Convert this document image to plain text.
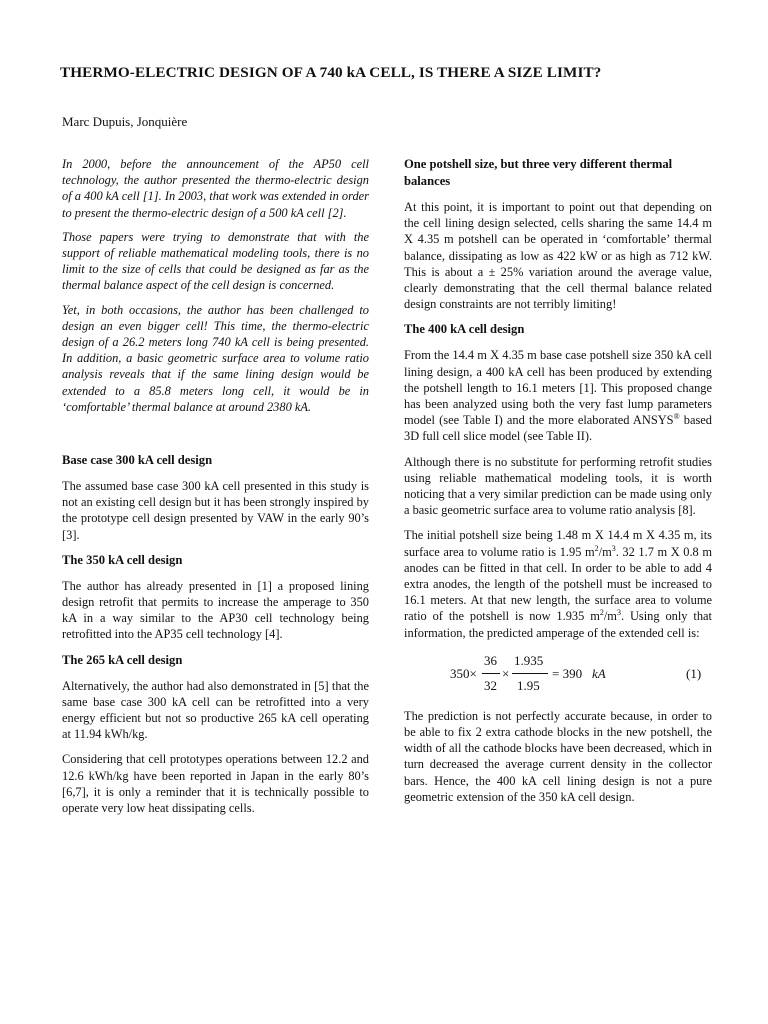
THERMO-ELECTRIC DESIGN OF A 740 kA CELL, IS THERE A SIZE LIMIT?

Marc Dupuis, Jonquière

In 2000, before the announcement of the AP50 cell technology, the author presented the thermo-electric design of a 400 kA cell [1]. In 2003, that work was extended in order to present the thermo-electric design of a 500 kA cell [2].

Those papers were trying to demonstrate that with the support of reliable mathematical modeling tools, there is no limit to the size of cells that could be designed as far as the thermal balance aspect of the cell design is concerned.

Yet, in both occasions, the author has been challenged to design an even bigger cell! This time, the thermo-electric design of a 26.2 meters long 740 kA cell is being presented. In addition, a basic geometric surface area to volume ratio analysis reveals that if the same lining design would be extended to a 85.8 meters long cell, it would be in ‘comfortable’ thermal balance at around 2380 kA.

Base case 300 kA cell design

The assumed base case 300 kA cell presented in this study is not an existing cell design but it has been strongly inspired by the prototype cell design presented by VAW in the early 90’s [3].

The 350 kA cell design

The author has already presented in [1] a proposed lining design retrofit that permits to increase the amperage to 350 kA in a way similar to the AP30 cell technology being retrofitted into the AP35 cell technology [4].

The 265 kA cell design

Alternatively, the author had also demonstrated in [5] that the same base case 300 kA cell can be retrofitted into a very energy efficient but not so productive 265 kA cell operating at 11.94 kWh/kg.

Considering that cell prototypes operations between 12.2 and 12.6 kWh/kg have been reported in Japan in the early 80’s [6,7], it is only a reminder that it is technically possible to operate very low heat dissipating cells.

One potshell size, but three very different thermal balances

At this point, it is important to point out that depending on the cell lining design selected, cells sharing the same 14.4 m X 4.35 m potshell can be operated in ‘comfortable’ thermal balance, dissipating as low as 422 kW or as high as 712 kW. This is about a ± 25% variation around the average value, clearly demonstrating that the cell thermal balance related design constraints are not terribly limiting!

The 400 kA cell design

From the 14.4 m X 4.35 m base case potshell size 350 kA cell lining design, a 400 kA cell has been produced by extending the potshell length to 16.1 meters [1]. This proposed change has been analyzed using both the very fast lump parameters model (see Table I) and the more elaborated ANSYS® based 3D full cell slice model (see Table II).

Although there is no substitute for performing retrofit studies using reliable mathematical modeling tools, it is worth noticing that a very similar prediction can be made using only a basic geometric surface area to volume ratio analysis [8].

The initial potshell size being 1.48 m X 14.4 m X 4.35 m, its surface area to volume ratio is 1.95 $m^2/m^3$. 32 1.7 m X 0.8 m anodes can be fitted in that cell. In order to be able to add 4 extra anodes, the length of the potshell must be increased to 16.1 meters. At that new length, the surface area to volume ratio of the potshell is now 1.935 $m^2/m^3$. Using only that information, the predicted amperage of the extended cell is:

350×
36
32
×
1.935
1.95
= 390 kA	(1)

The prediction is not perfectly accurate because, in order to be able to fix 2 extra cathode blocks in the new potshell, the width of all the cathode blocks have been decreased, which in turn decreased the average current density in the collector bars. Hence, the 400 kA cell lining design is not a pure geometric extension of the 350 kA cell design.
